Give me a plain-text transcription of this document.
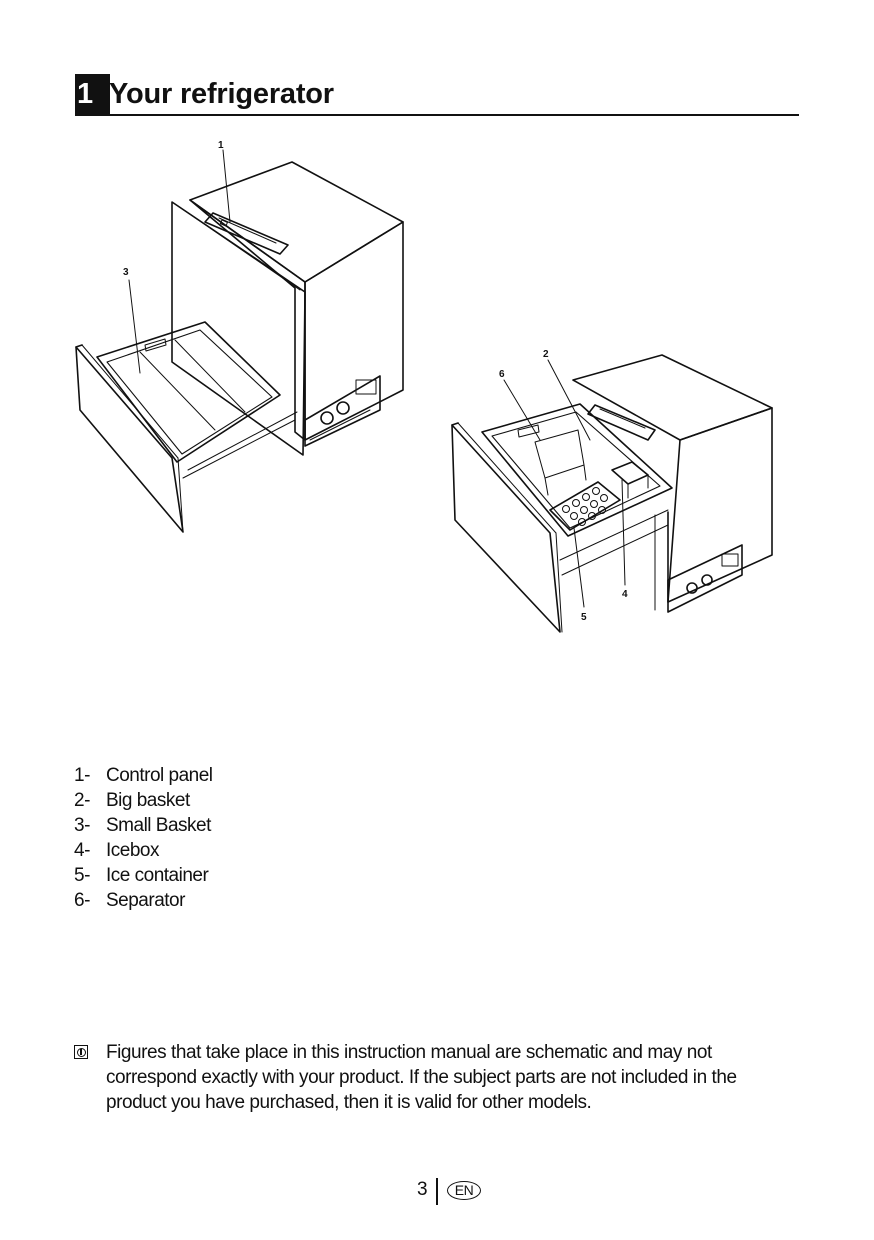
1 Your refrigerator
1
3
2
6
4
5
1- Control panel
2- Big basket
3- Small Basket
4- Icebox
5- Ice container
6- Separator
Figures that take place in this instruction manual are schematic and may not correspond exactly with your product. If the subject parts are not included in the product you have purchased, then it is valid for other models.
3	EN
